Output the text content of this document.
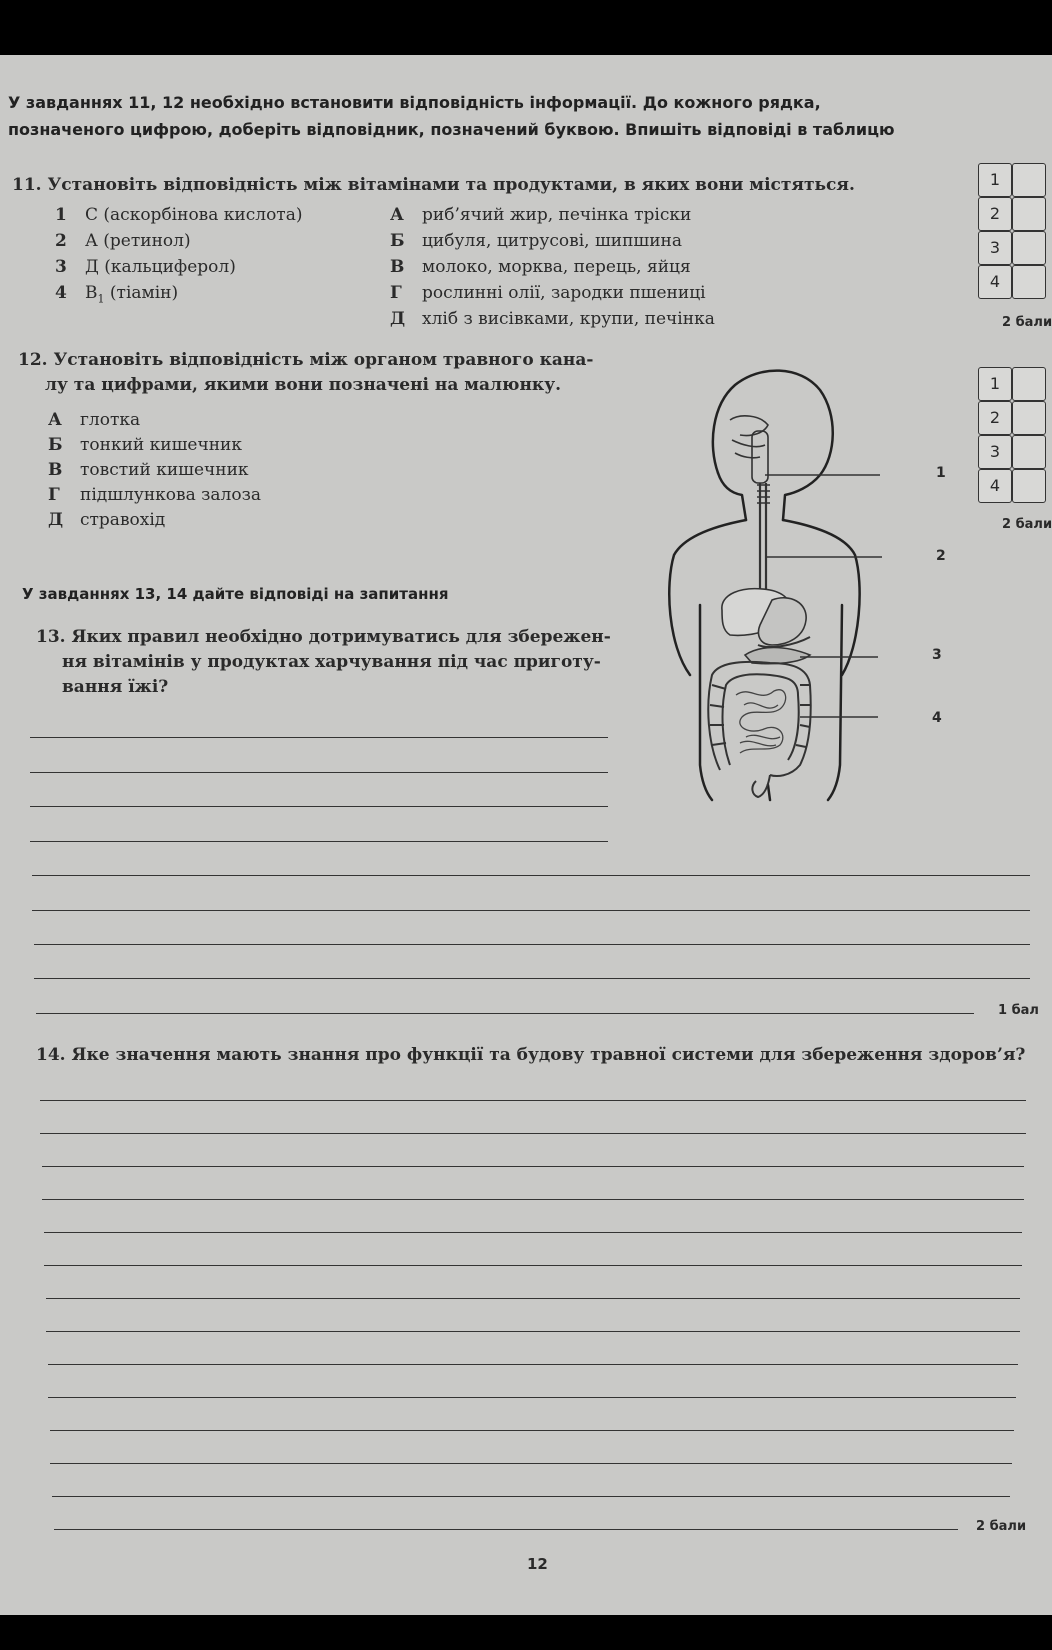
У завданнях 11, 12 необхідно встановити відповідність інформації. До кожного рядка,
позначеного цифрою, доберіть відповідник, позначений буквою. Впишіть відповіді в таблицю
11. Установіть відповідність між вітамінами та продуктами, в яких вони містяться.
1 С (аскорбінова кислота)
2 А (ретинол)
3 Д (кальциферол)
4 $В_1$ (тіамін)
А риб’ячий жир, печінка тріски
Б цибуля, цитрусові, шипшина
В молоко, морква, перець, яйця
Г рослинні олії, зародки пшениці
Д хліб з висівками, крупи, печінка
1
2
3
4
2 бали
12. Установіть відповідність між органом травного кана-
лу та цифрами, якими вони позначені на малюнку.
А глотка
Б тонкий кишечник
В товстий кишечник
Г підшлункова залоза
Д стравохід
1
2
3
4
2 бали
1
2
3
4
У завданнях 13, 14 дайте відповіді на запитання
13. Яких правил необхідно дотримуватись для збережен-
ня вітамінів у продуктах харчування під час приготу-
вання їжі?
1 бал
14. Яке значення мають знання про функції та будову травної системи для збереження здоров’я?
2 бали
12
